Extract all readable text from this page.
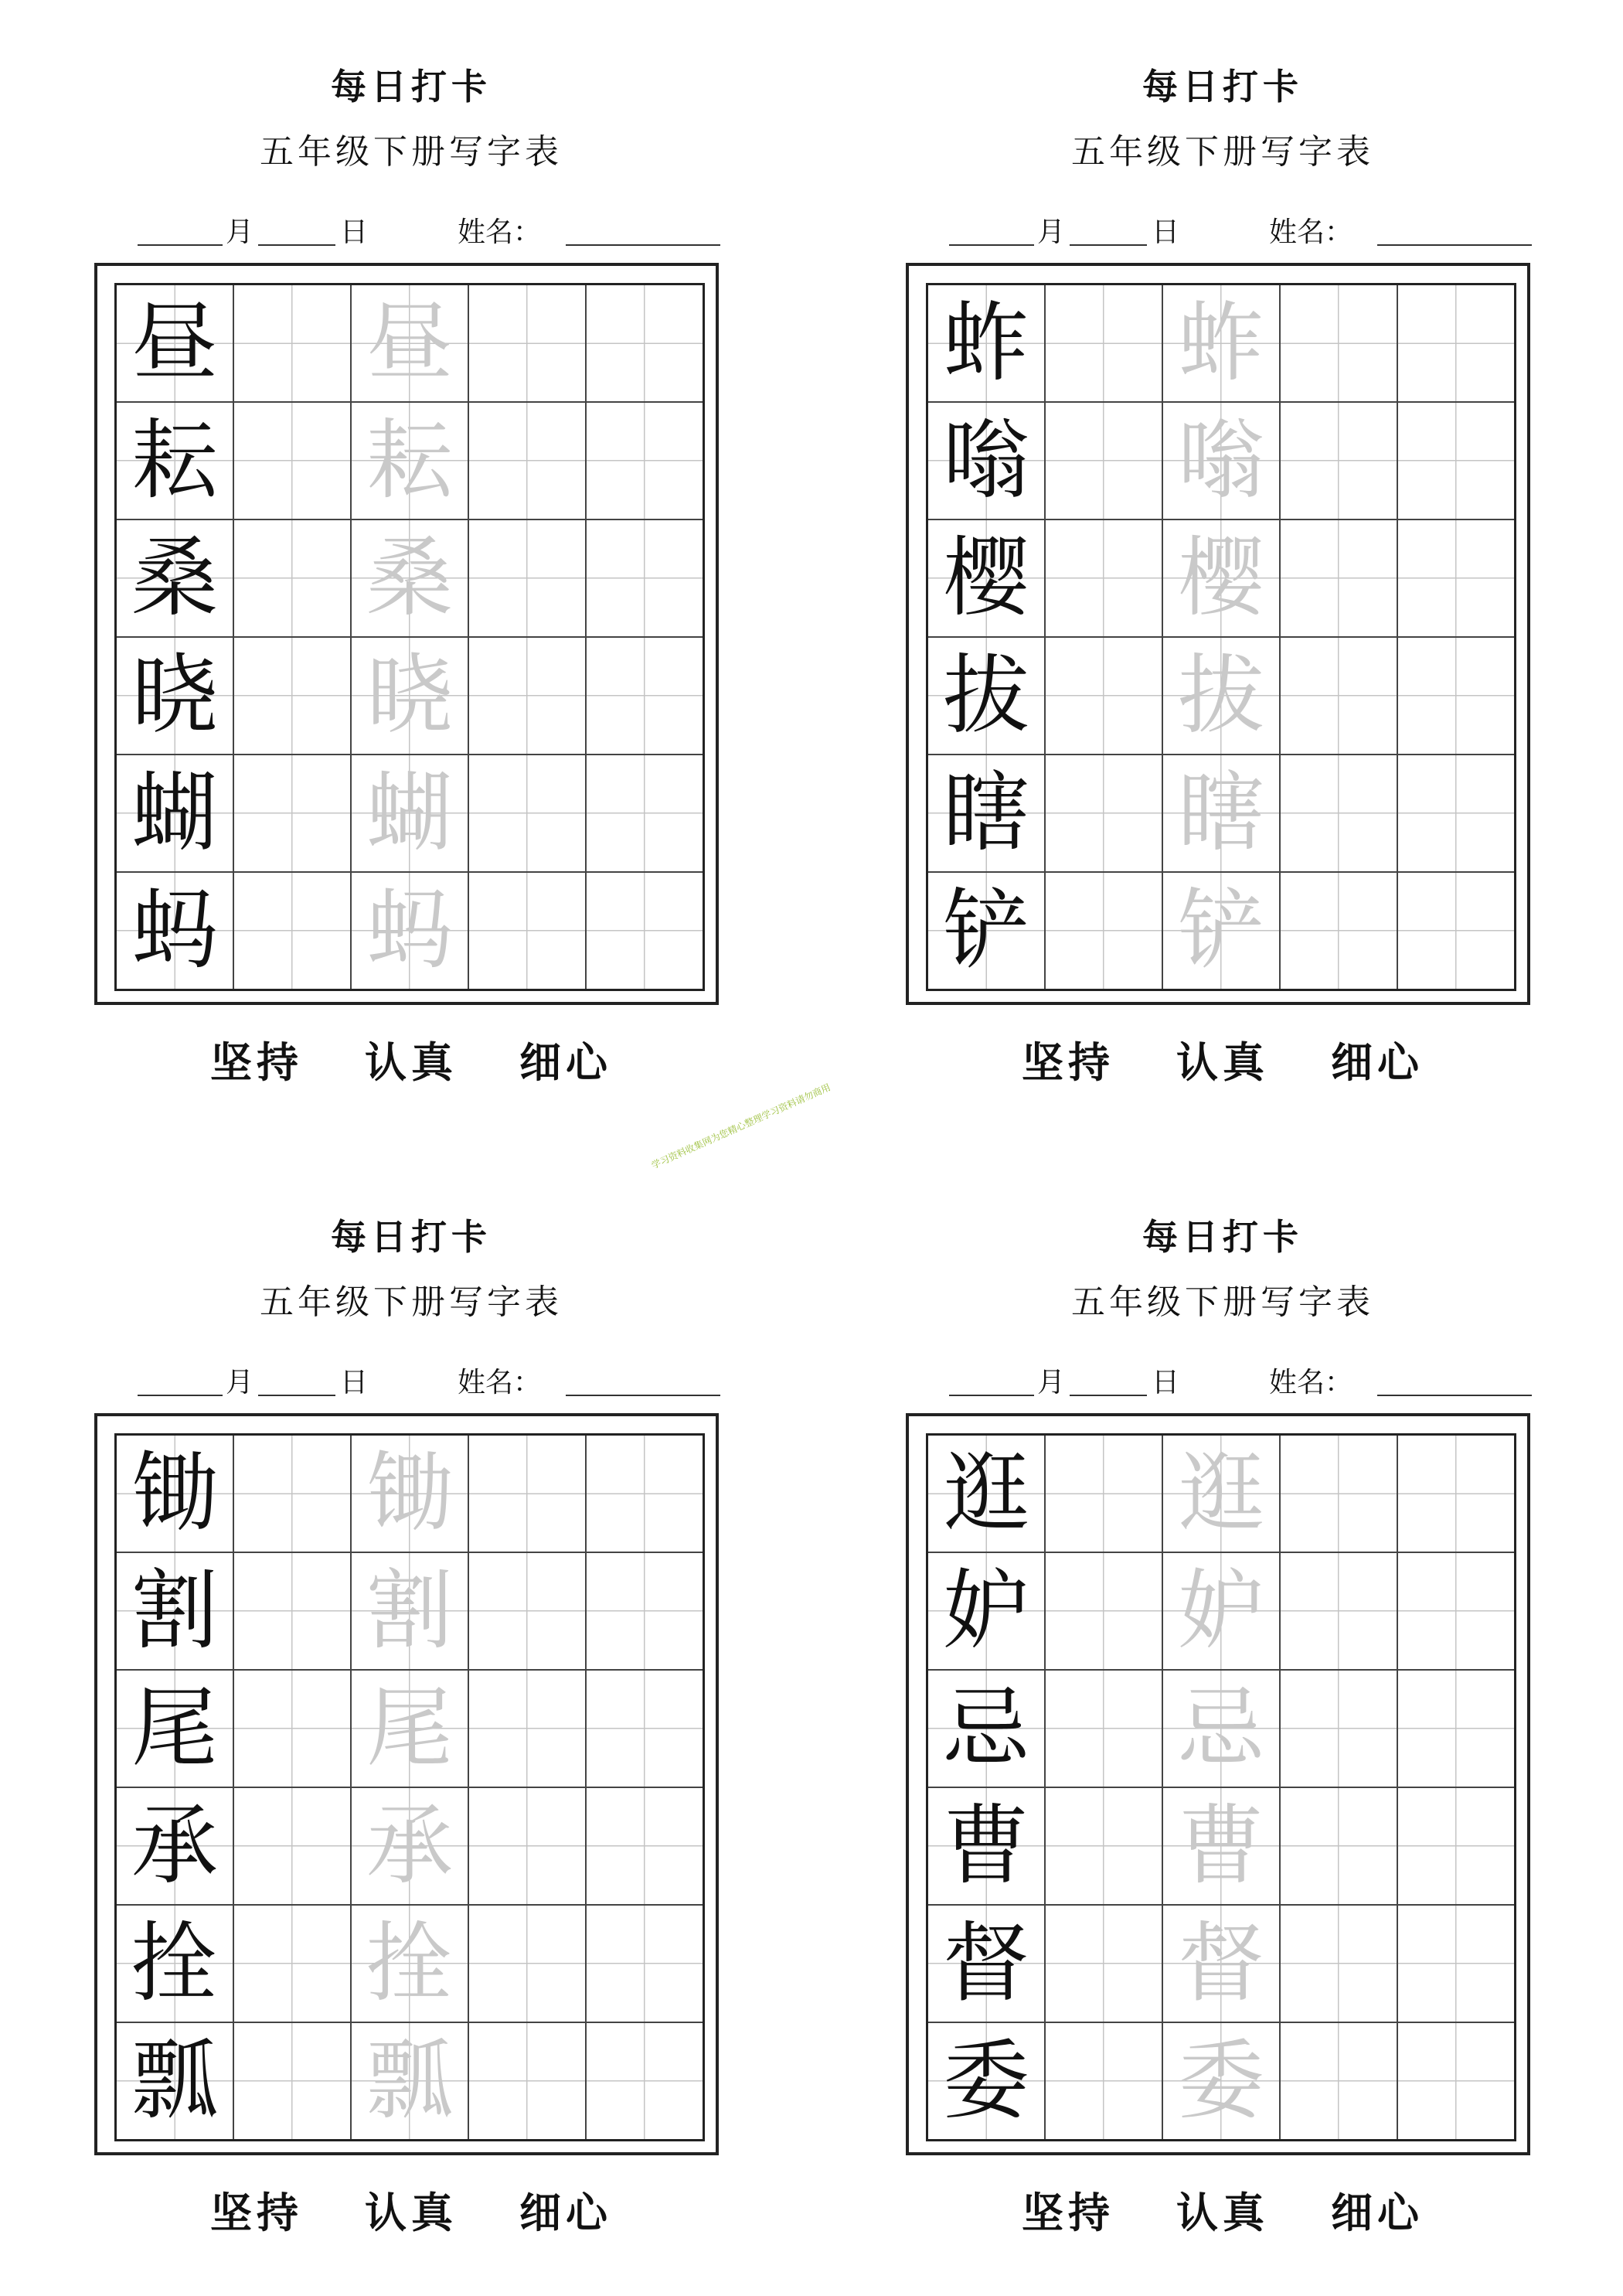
每日打卡
五年级下册写字表
月	日	姓名：
昼		昼		

耘		耘		

桑		桑		

晓		晓		

蝴		蝴		

蚂		蚂		

坚持 认真 细心
每日打卡
五年级下册写字表
月	日	姓名：
蚱		蚱		

嗡		嗡		

樱		樱		

拔		拔		

瞎		瞎		

铲		铲		

坚持 认真 细心
每日打卡
五年级下册写字表
月	日	姓名：
锄		锄		

割		割		

尾		尾		

承		承		

拴		拴		

瓢		瓢		

坚持 认真 细心
每日打卡
五年级下册写字表
月	日	姓名：
逛		逛		

妒		妒		

忌		忌		

曹		曹		

督		督		

委		委		

坚持 认真 细心
学习资料收集网为您精心整理学习资料请勿商用
